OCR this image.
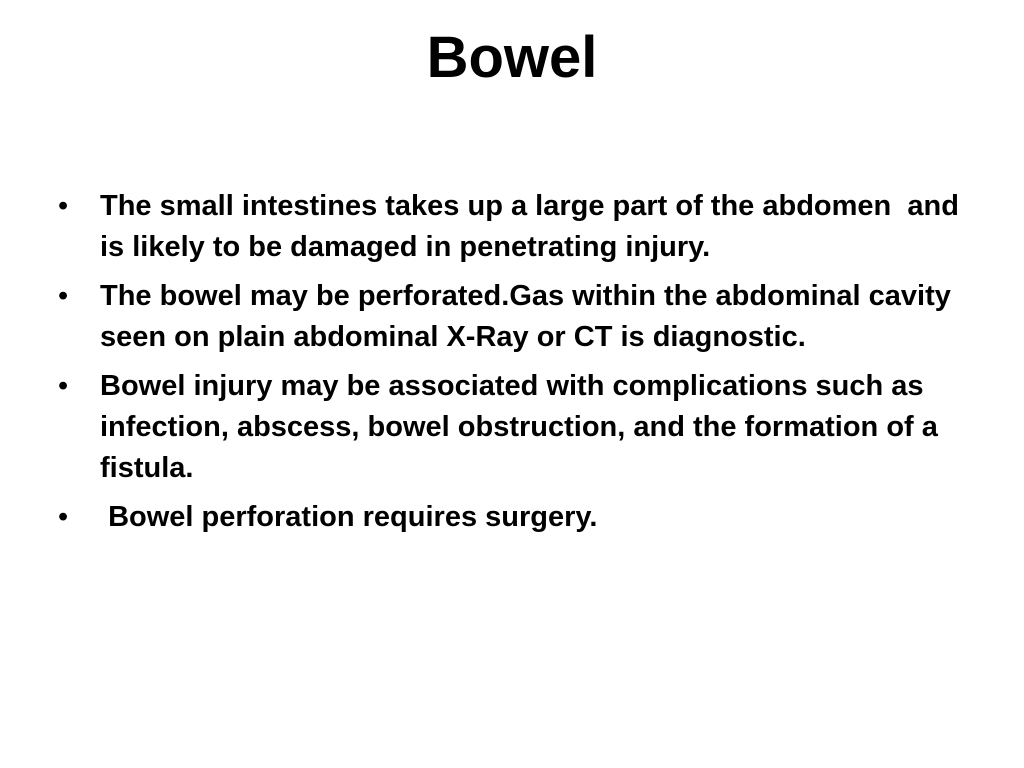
Bowel
•	The small intestines takes up a large part of the abdomen  and is likely to be damaged in penetrating injury.
•	The bowel may be perforated.Gas within the abdominal cavity seen on plain abdominal X-Ray or CT is diagnostic.
•	Bowel injury may be associated with complications such as infection, abscess, bowel obstruction, and the formation of a fistula.
•	Bowel perforation requires surgery.
